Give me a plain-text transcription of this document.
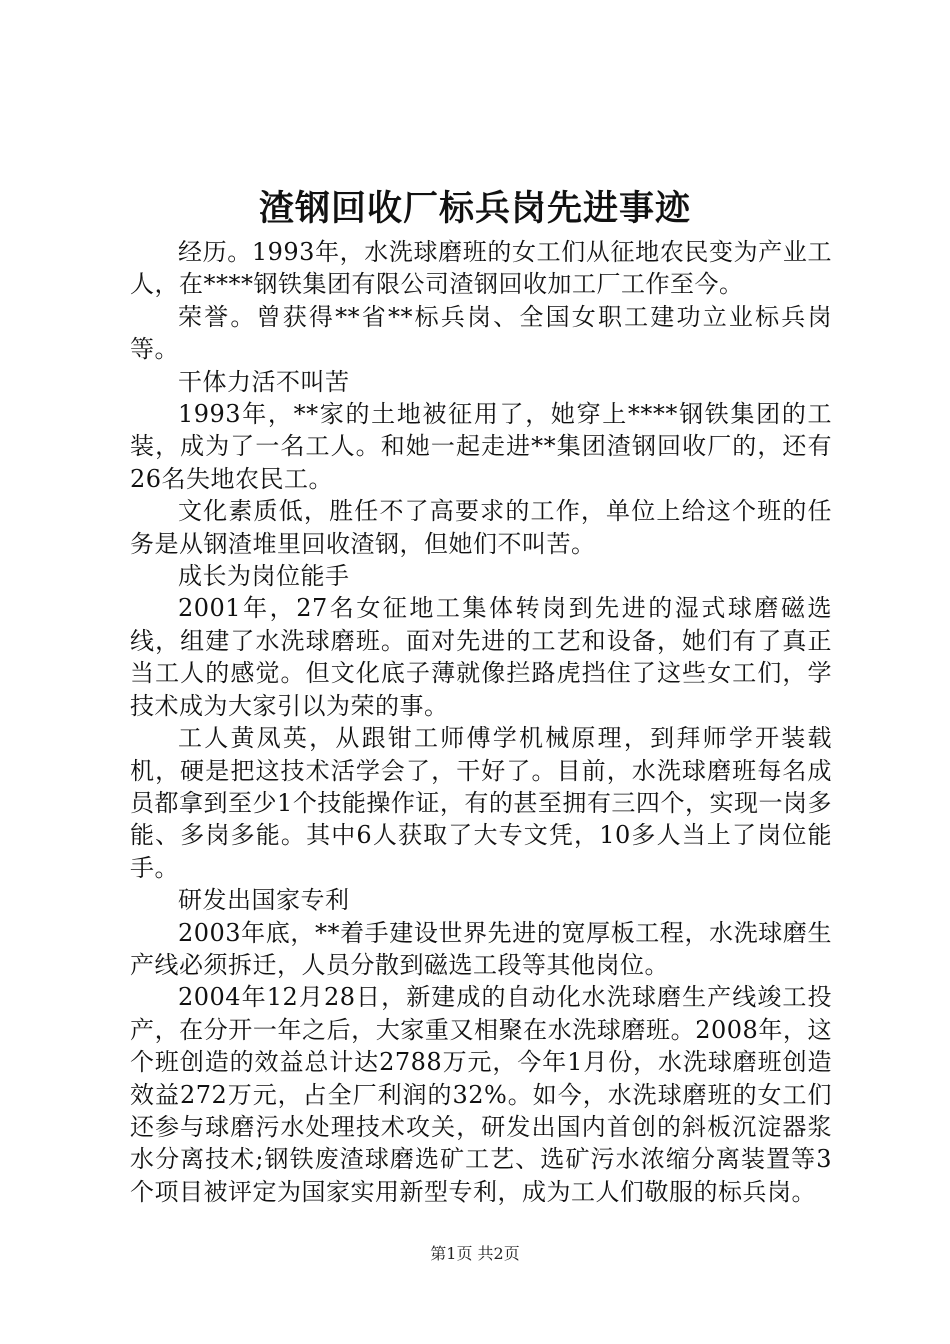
渣钢回收厂标兵岗先进事迹

经历。1993年，水洗球磨班的女工们从征地农民变为产业工人，在****钢铁集团有限公司渣钢回收加工厂工作至今。

荣誉。曾获得**省**标兵岗、全国女职工建功立业标兵岗等。

干体力活不叫苦

1993年，**家的土地被征用了，她穿上****钢铁集团的工装，成为了一名工人。和她一起走进**集团渣钢回收厂的，还有26名失地农民工。

文化素质低，胜任不了高要求的工作，单位上给这个班的任务是从钢渣堆里回收渣钢，但她们不叫苦。

成长为岗位能手

2001年，27名女征地工集体转岗到先进的湿式球磨磁选线，组建了水洗球磨班。面对先进的工艺和设备，她们有了真正当工人的感觉。但文化底子薄就像拦路虎挡住了这些女工们，学技术成为大家引以为荣的事。

工人黄凤英，从跟钳工师傅学机械原理，到拜师学开装载机，硬是把这技术活学会了，干好了。目前，水洗球磨班每名成员都拿到至少1个技能操作证，有的甚至拥有三四个，实现一岗多能、多岗多能。其中6人获取了大专文凭，10多人当上了岗位能手。

研发出国家专利

2003年底，**着手建设世界先进的宽厚板工程，水洗球磨生产线必须拆迁，人员分散到磁选工段等其他岗位。

2004年12月28日，新建成的自动化水洗球磨生产线竣工投产，在分开一年之后，大家重又相聚在水洗球磨班。2008年，这个班创造的效益总计达2788万元，今年1月份，水洗球磨班创造效益272万元，占全厂利润的32%。如今，水洗球磨班的女工们还参与球磨污水处理技术攻关，研发出国内首创的斜板沉淀器浆水分离技术;钢铁废渣球磨选矿工艺、选矿污水浓缩分离装置等3个项目被评定为国家实用新型专利，成为工人们敬服的标兵岗。

第1页 共2页
